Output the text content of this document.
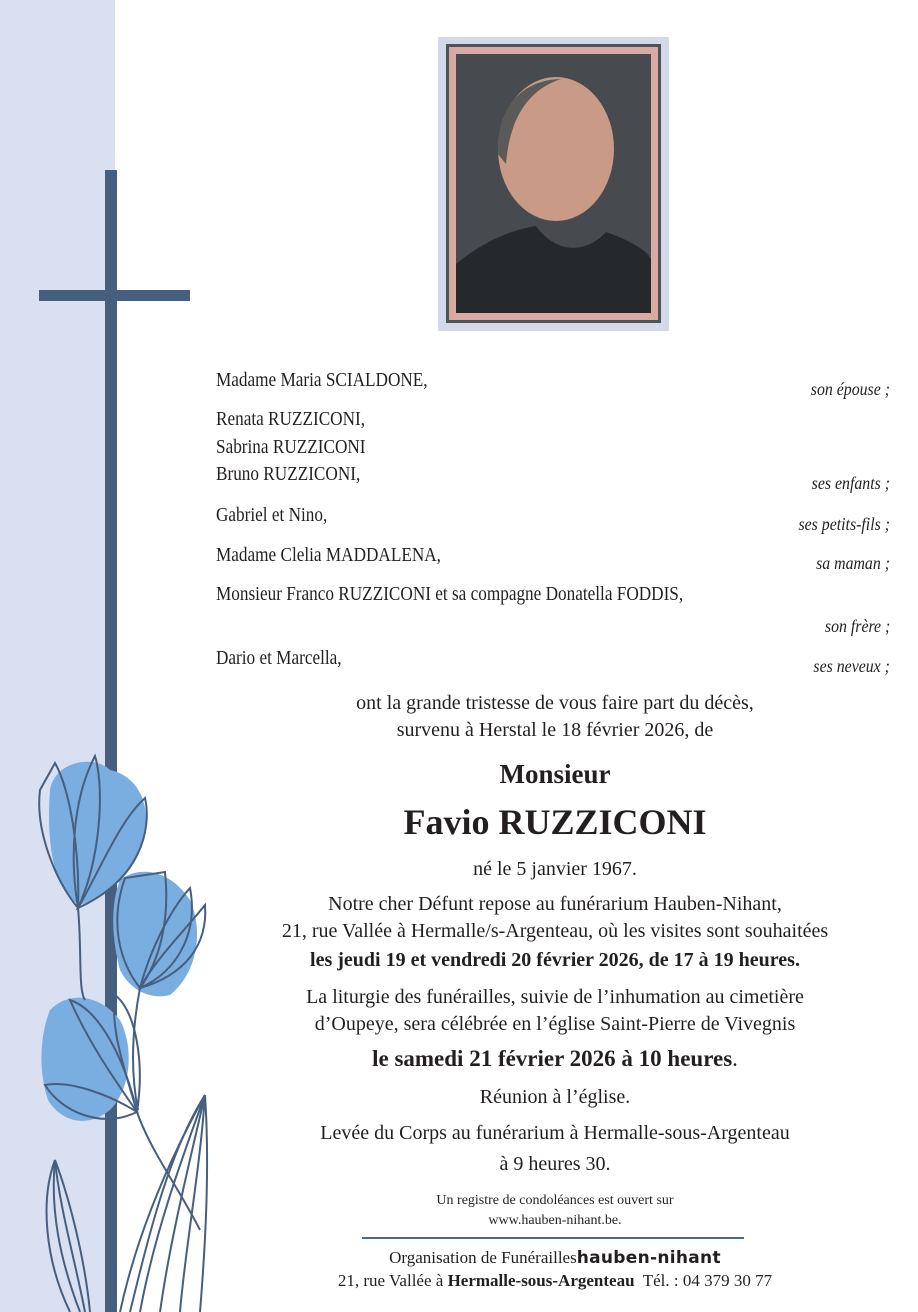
Madame Maria SCIALDONE,	son épouse ;
Renata RUZZICONI,
Sabrina RUZZICONI
Bruno RUZZICONI,	ses enfants ;
Gabriel et Nino,	ses petits-fils ;
Madame Clelia MADDALENA,	sa maman ;
Monsieur Franco RUZZICONI et sa compagne Donatella FODDIS,
son frère ;
Dario et Marcella,	ses neveux ;
ont la grande tristesse de vous faire part du décès,
survenu à Herstal le 18 février 2026, de
Monsieur
Favio RUZZICONI
né le 5 janvier 1967.
Notre cher Défunt repose au funérarium Hauben-Nihant,
21, rue Vallée à Hermalle/s-Argenteau, où les visites sont souhaitées
les jeudi 19 et vendredi 20 février 2026, de 17 à 19 heures.
La liturgie des funérailles, suivie de l’inhumation au cimetière
d’Oupeye, sera célébrée en l’église Saint-Pierre de Vivegnis
le samedi 21 février 2026 à 10 heures.
Réunion à l’église.
Levée du Corps au funérarium à Hermalle-sous-Argenteau
à 9 heures 30.
Un registre de condoléances est ouvert sur
www.hauben-nihant.be.
Organisation de Funérailleshauben-nihant
21, rue Vallée à Hermalle-sous-Argenteau  Tél. : 04 379 30 77
